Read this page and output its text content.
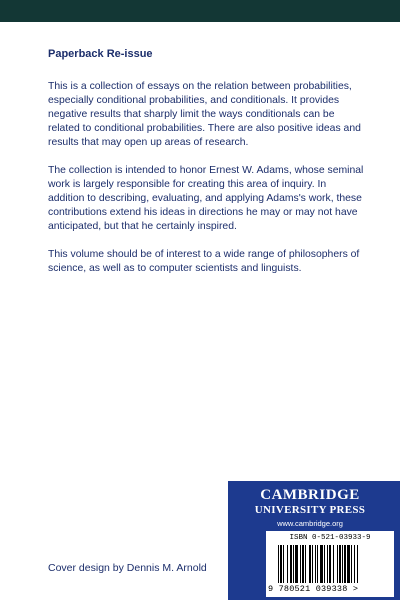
Paperback Re-issue

This is a collection of essays on the relation between probabilities, especially conditional probabilities, and conditionals. It provides negative results that sharply limit the ways conditionals can be related to conditional probabilities. There are also positive ideas and results that may open up areas of research.

The collection is intended to honor Ernest W. Adams, whose seminal work is largely responsible for creating this area of inquiry. In addition to describing, evaluating, and applying Adams's work, these contributions extend his ideas in directions he may or may not have anticipated, but that he certainly inspired.

This volume should be of interest to a wide range of philosophers of science, as well as to computer scientists and linguists.

Cover design by Dennis M. Arnold
CAMBRIDGE
UNIVERSITY PRESS
www.cambridge.org
ISBN 0-521-03933-9
9 780521 039338 >
